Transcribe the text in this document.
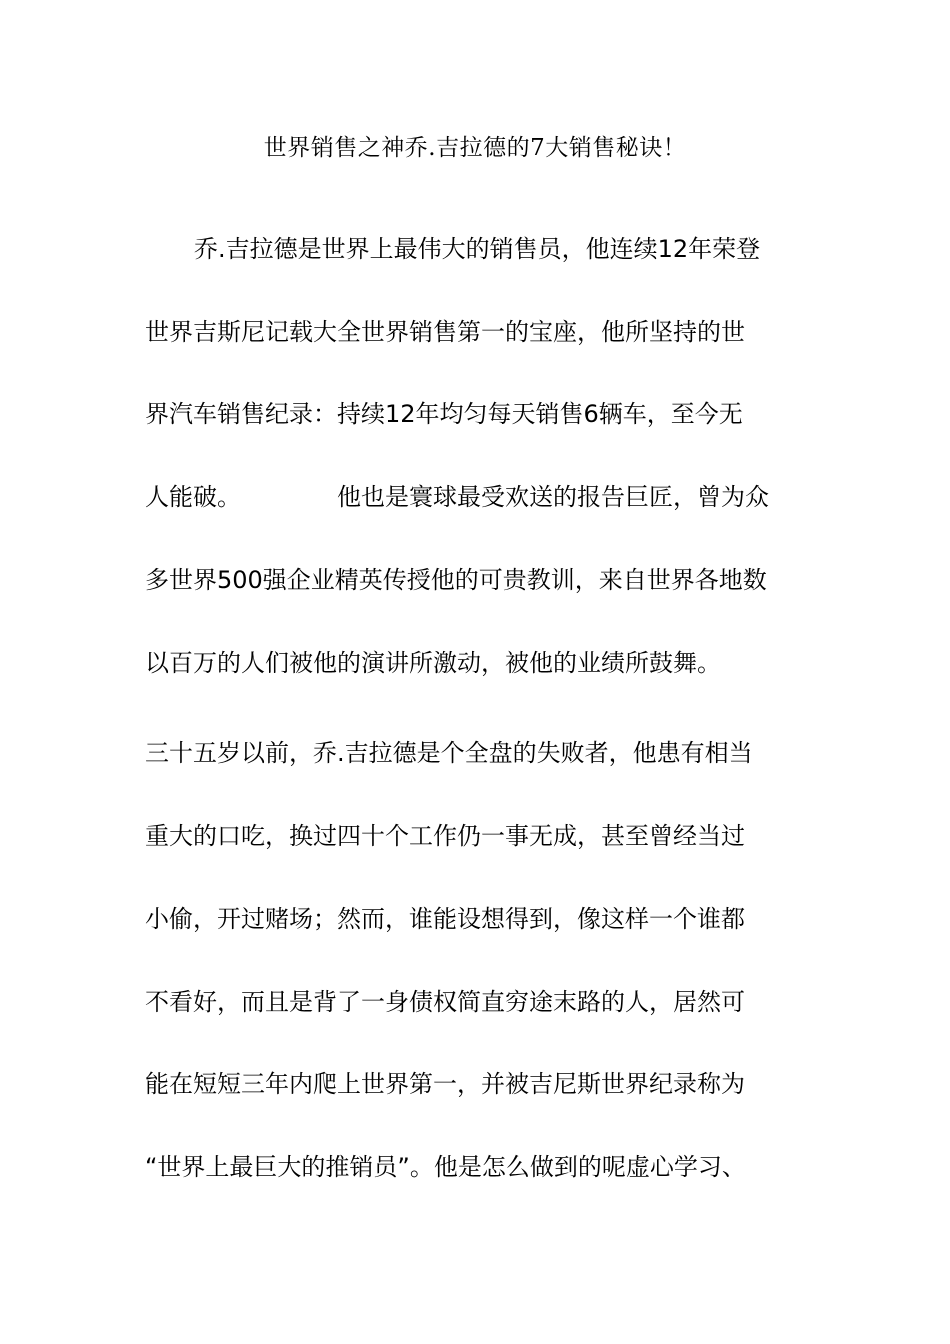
世界销售之神乔.吉拉德的7大销售秘诀！
乔.吉拉德是世界上最伟大的销售员，他连续12年荣登
世界吉斯尼记载大全世界销售第一的宝座，他所坚持的世
界汽车销售纪录：持续12年均匀每天销售6辆车，至今无
人能破。	他也是寰球最受欢送的报告巨匠，曾为众
多世界500强企业精英传授他的可贵教训，来自世界各地数
以百万的人们被他的演讲所激动，被他的业绩所鼓舞。
三十五岁以前，乔.吉拉德是个全盘的失败者，他患有相当
重大的口吃，换过四十个工作仍一事无成，甚至曾经当过
小偷，开过赌场；然而，谁能设想得到，像这样一个谁都
不看好，而且是背了一身债权简直穷途末路的人，居然可
能在短短三年内爬上世界第一，并被吉尼斯世界纪录称为
“世界上最巨大的推销员”。他是怎么做到的呢虚心学习、
